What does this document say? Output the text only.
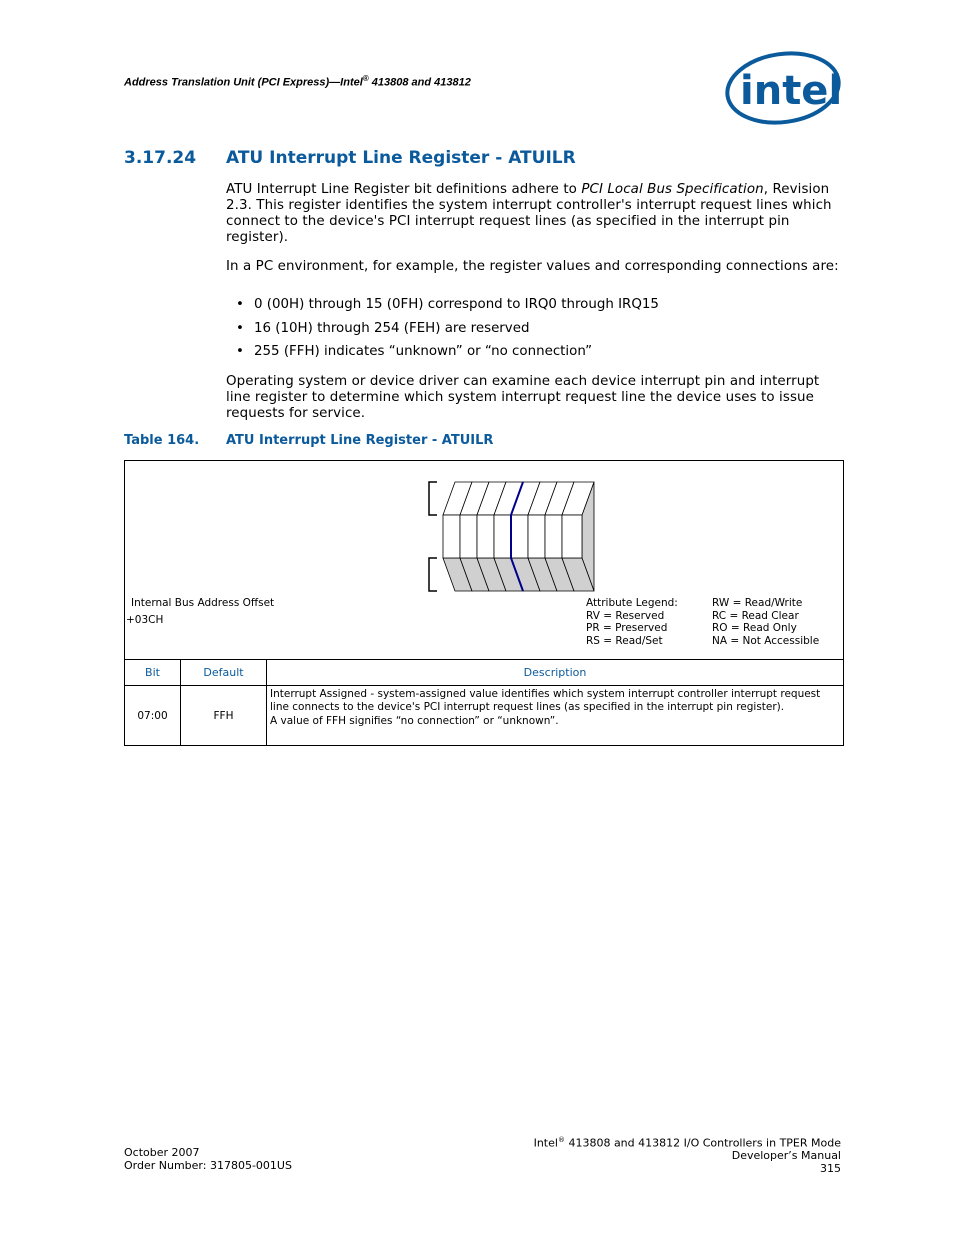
Address Translation Unit (PCI Express)—Intel® 413808 and 413812	intel
3.17.24 ATU Interrupt Line Register - ATUILR
ATU Interrupt Line Register bit definitions adhere to PCI Local Bus Specification, Revision 2.3. This register identifies the system interrupt controller's interrupt request lines which connect to the device's PCI interrupt request lines (as specified in the interrupt pin register).
In a PC environment, for example, the register values and corresponding connections are:
• 0 (00H) through 15 (0FH) correspond to IRQ0 through IRQ15
• 16 (10H) through 254 (FEH) are reserved
• 255 (FFH) indicates “unknown” or “no connection”
Operating system or device driver can examine each device interrupt pin and interrupt line register to determine which system interrupt request line the device uses to issue requests for service.
Table 164. ATU Interrupt Line Register - ATUILR
Internal Bus Address Offset
+03CH
Attribute Legend:
RV = Reserved
PR = Preserved
RS = Read/Set
RW = Read/Write
RC = Read Clear
RO = Read Only
NA = Not Accessible
Bit	Default	Description
07:00	FFH	Interrupt Assigned - system-assigned value identifies which system interrupt controller interrupt request line connects to the device's PCI interrupt request lines (as specified in the interrupt pin register).
A value of FFH signifies “no connection” or “unknown”.
October 2007
Order Number: 317805-001US
Intel® 413808 and 413812 I/O Controllers in TPER Mode
Developer’s Manual
315
